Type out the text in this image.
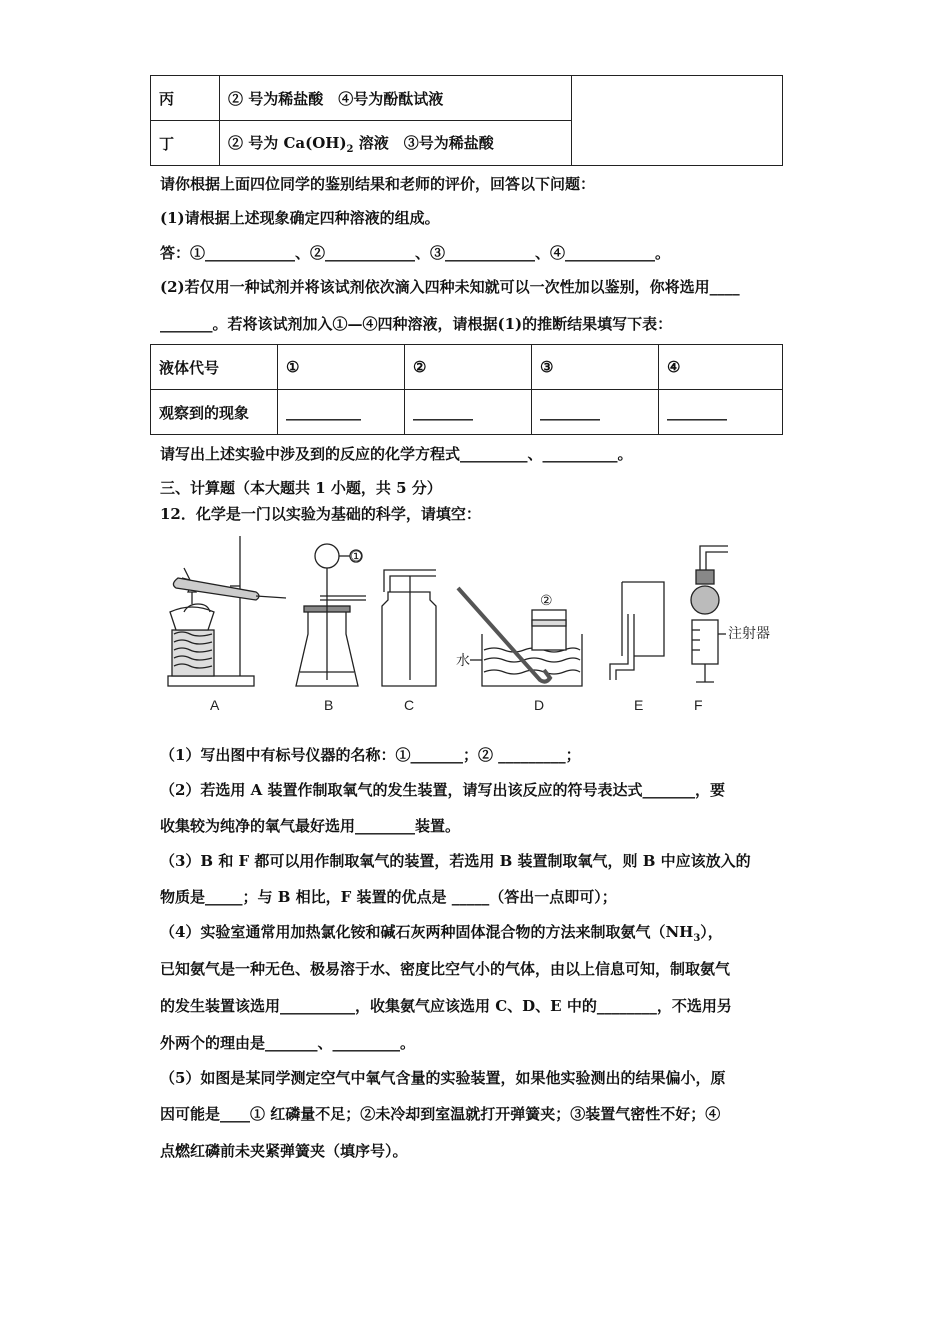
丙	② 号为稀盐酸　④号为酚酞试液	
丁	② 号为 $Ca(OH)_2$ 溶液　③号为稀盐酸	
请你根据上面四位同学的鉴别结果和老师的评价，回答以下问题：
(1)请根据上述现象确定四种溶液的组成。
答：①____________、②____________、③____________、④____________。
(2)若仅用一种试剂并将该试剂依次滴入四种未知就可以一次性加以鉴别，你将选用____
_______。若将该试剂加入①—④四种溶液，请根据(1)的推断结果填写下表：
液体代号	①	②	③	④
观察到的现象	__________	________	________	________
请写出上述实验中涉及到的反应的化学方程式_________、__________。
三、计算题（本大题共 1 小题，共 5 分）
12．化学是一门以实验为基础的科学，请填空：
A	B	C	D	E	F
①
②
水
注射器
（1）写出图中有标号仪器的名称：①_______；② _________；
（2）若选用 A 装置作制取氧气的发生装置，请写出该反应的符号表达式_______，要
收集较为纯净的氧气最好选用________装置。
（3）B 和 F 都可以用作制取氧气的装置，若选用 B 装置制取氧气，则 B 中应该放入的
物质是_____；与 B 相比，F 装置的优点是 _____（答出一点即可）；
（4）实验室通常用加热氯化铵和碱石灰两种固体混合物的方法来制取氨气$(NH_3)$，
已知氨气是一种无色、极易溶于水、密度比空气小的气体，由以上信息可知，制取氨气
的发生装置该选用__________，收集氨气应该选用 C、D、E 中的________，不选用另
外两个的理由是_______、_________。
（5）如图是某同学测定空气中氧气含量的实验装置，如果他实验测出的结果偏小，原
因可能是____① 红磷量不足；②未冷却到室温就打开弹簧夹；③装置气密性不好；④
点燃红磷前未夹紧弹簧夹（填序号）。
